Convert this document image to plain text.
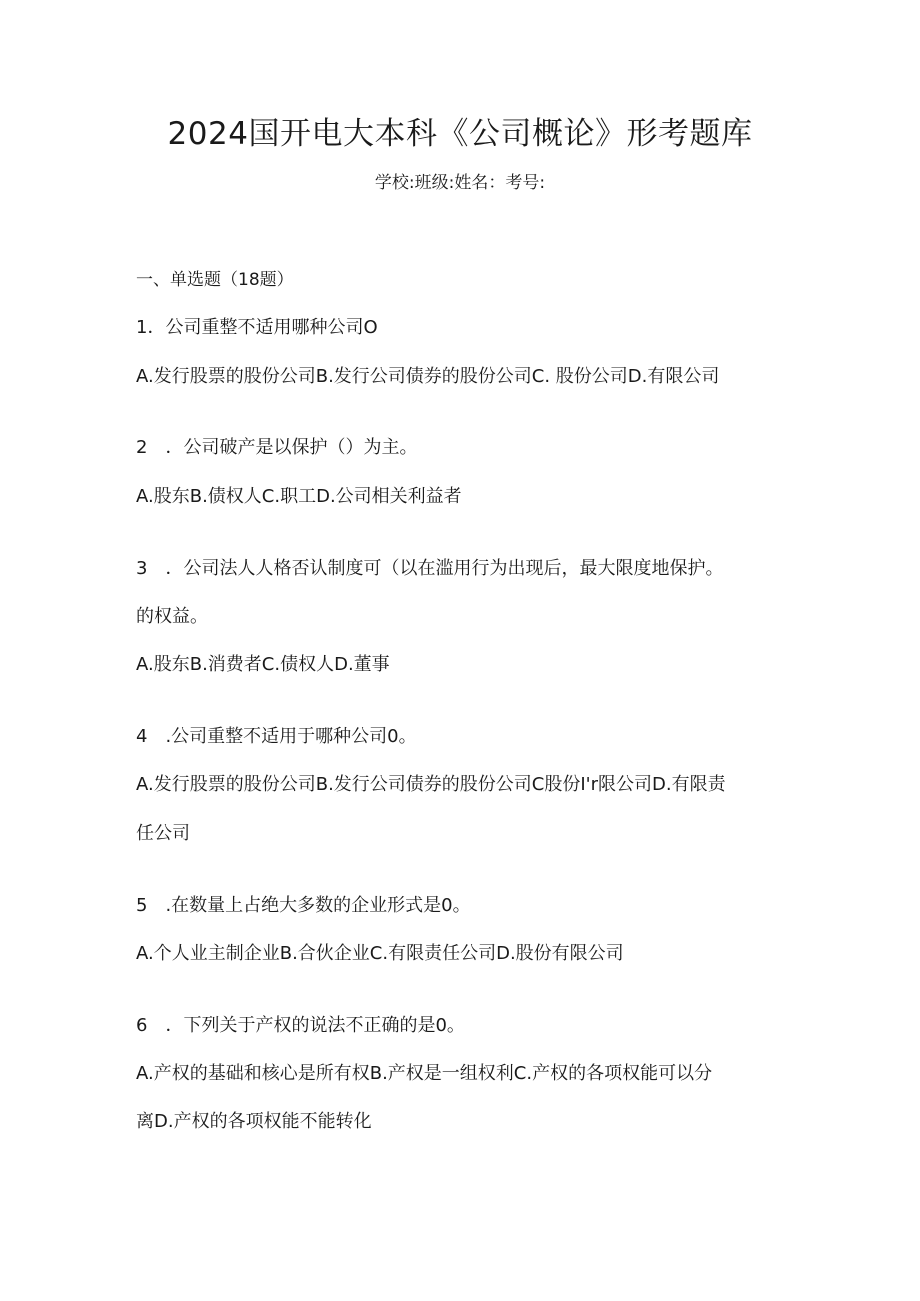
2024国开电大本科《公司概论》形考题库
学校:班级:姓名：考号:
一、单选题（18题）
1．公司重整不适用哪种公司O
A.发行股票的股份公司B.发行公司债券的股份公司C. 股份公司D.有限公司
2　．公司破产是以保护（）为主。
A.股东B.债权人C.职工D.公司相关利益者
3　．公司法人人格否认制度可（以在滥用行为出现后，最大限度地保护。
的权益。
A.股东B.消费者C.债权人D.董事
4　.公司重整不适用于哪种公司0。
A.发行股票的股份公司B.发行公司债券的股份公司C股份I'r限公司D.有限责
任公司
5　.在数量上占绝大多数的企业形式是0。
A.个人业主制企业B.合伙企业C.有限责任公司D.股份有限公司
6　．下列关于产权的说法不正确的是0。
A.产权的基础和核心是所有权B.产权是一组权利C.产权的各项权能可以分
离D.产权的各项权能不能转化
